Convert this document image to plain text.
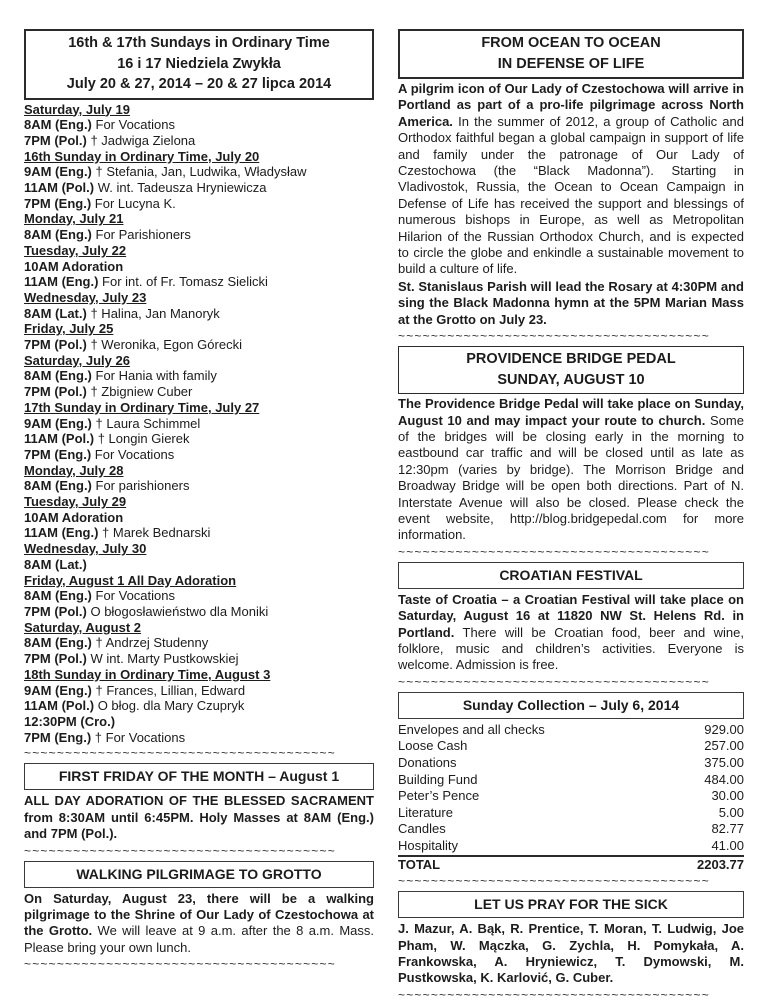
16th & 17th Sundays in Ordinary Time
16 i 17 Niedziela Zwykła
July 20 & 27, 2014 – 20 & 27 lipca 2014
Saturday, July 19
8AM (Eng.) For Vocations
7PM (Pol.) † Jadwiga Zielona
16th Sunday in Ordinary Time, July 20
9AM (Eng.) † Stefania, Jan, Ludwika, Władysław
11AM (Pol.) W. int. Tadeusza Hryniewicza
7PM (Eng.) For Lucyna K.
Monday, July 21
8AM (Eng.) For Parishioners
Tuesday, July 22
10AM Adoration
11AM (Eng.) For int. of Fr. Tomasz Sielicki
Wednesday, July 23
8AM (Lat.) † Halina, Jan Manoryk
Friday, July 25
7PM (Pol.) † Weronika, Egon Górecki
Saturday, July 26
8AM (Eng.) For Hania with family
7PM (Pol.) † Zbigniew Cuber
17th Sunday in Ordinary Time, July 27
9AM (Eng.) † Laura Schimmel
11AM (Pol.) † Longin Gierek
7PM (Eng.) For Vocations
Monday, July 28
8AM (Eng.) For parishioners
Tuesday, July 29
10AM Adoration
11AM (Eng.) † Marek Bednarski
Wednesday, July 30
8AM (Lat.)
Friday, August 1 All Day Adoration
8AM (Eng.) For Vocations
7PM (Pol.) O błogosławieństwo dla Moniki
Saturday, August 2
8AM (Eng.) † Andrzej Studenny
7PM (Pol.) W int. Marty Pustkowskiej
18th Sunday in Ordinary Time, August 3
9AM (Eng.) † Frances, Lillian, Edward
11AM (Pol.) O błog. dla Mary Czupryk
12:30PM (Cro.)
7PM (Eng.) † For Vocations
~~~~~~~~~~~~~~~~~~~~~~~~~~~~~~~~~~~~~~
FIRST FRIDAY OF THE MONTH – August 1

ALL DAY ADORATION OF THE BLESSED SACRAMENT from 8:30AM until 6:45PM. Holy Masses at 8AM (Eng.) and 7PM (Pol.).

~~~~~~~~~~~~~~~~~~~~~~~~~~~~~~~~~~~~~~
WALKING PILGRIMAGE TO GROTTO

On Saturday, August 23, there will be a walking pilgrimage to the Shrine of Our Lady of Czestochowa at the Grotto. We will leave at 9 a.m. after the 8 a.m. Mass. Please bring your own lunch.

~~~~~~~~~~~~~~~~~~~~~~~~~~~~~~~~~~~~~~
FROM OCEAN TO OCEAN
IN DEFENSE OF LIFE

A pilgrim icon of Our Lady of Czestochowa will arrive in Portland as part of a pro-life pilgrimage across North America. In the summer of 2012, a group of Catholic and Orthodox faithful began a global campaign in support of life and family under the patronage of Our Lady of Czestochowa (the “Black Madonna”). Starting in Vladivostok, Russia, the Ocean to Ocean Campaign in Defense of Life has received the support and blessings of numerous bishops in Europe, as well as Metropolitan Hilarion of the Russian Orthodox Church, and is expected to circle the globe and enkindle a sustainable movement to build a culture of life.

St. Stanislaus Parish will lead the Rosary at 4:30PM and sing the Black Madonna hymn at the 5PM Marian Mass at the Grotto on July 23.

~~~~~~~~~~~~~~~~~~~~~~~~~~~~~~~~~~~~~~
PROVIDENCE BRIDGE PEDAL
SUNDAY, AUGUST 10

The Providence Bridge Pedal will take place on Sunday, August 10 and may impact your route to church. Some of the bridges will be closing early in the morning to eastbound car traffic and will be closed until as late as 12:30pm (varies by bridge). The Morrison Bridge and Broadway Bridge will be open both directions. Part of N. Interstate Avenue will also be closed. Please check the event website, http://blog.bridgepedal.com for more information.

~~~~~~~~~~~~~~~~~~~~~~~~~~~~~~~~~~~~~~
CROATIAN FESTIVAL

Taste of Croatia – a Croatian Festival will take place on Saturday, August 16 at 11820 NW St. Helens Rd. in Portland. There will be Croatian food, beer and wine, folklore, music and children’s activities. Everyone is welcome. Admission is free.

~~~~~~~~~~~~~~~~~~~~~~~~~~~~~~~~~~~~~~
Sunday Collection – July 6, 2014
Envelopes and all checks	929.00
Loose Cash	257.00
Donations	375.00
Building Fund	484.00
Peter’s Pence	30.00
Literature	5.00
Candles	82.77
Hospitality	41.00
TOTAL	2203.77
~~~~~~~~~~~~~~~~~~~~~~~~~~~~~~~~~~~~~~
LET US PRAY FOR THE SICK

J. Mazur, A. Bąk, R. Prentice, T. Moran, T. Ludwig, Joe Pham, W. Mączka, G. Zychla, H. Pomykała, A. Frankowska, A. Hryniewicz, T. Dymowski, M. Pustkowska, K. Karlović, G. Cuber.

~~~~~~~~~~~~~~~~~~~~~~~~~~~~~~~~~~~~~~
